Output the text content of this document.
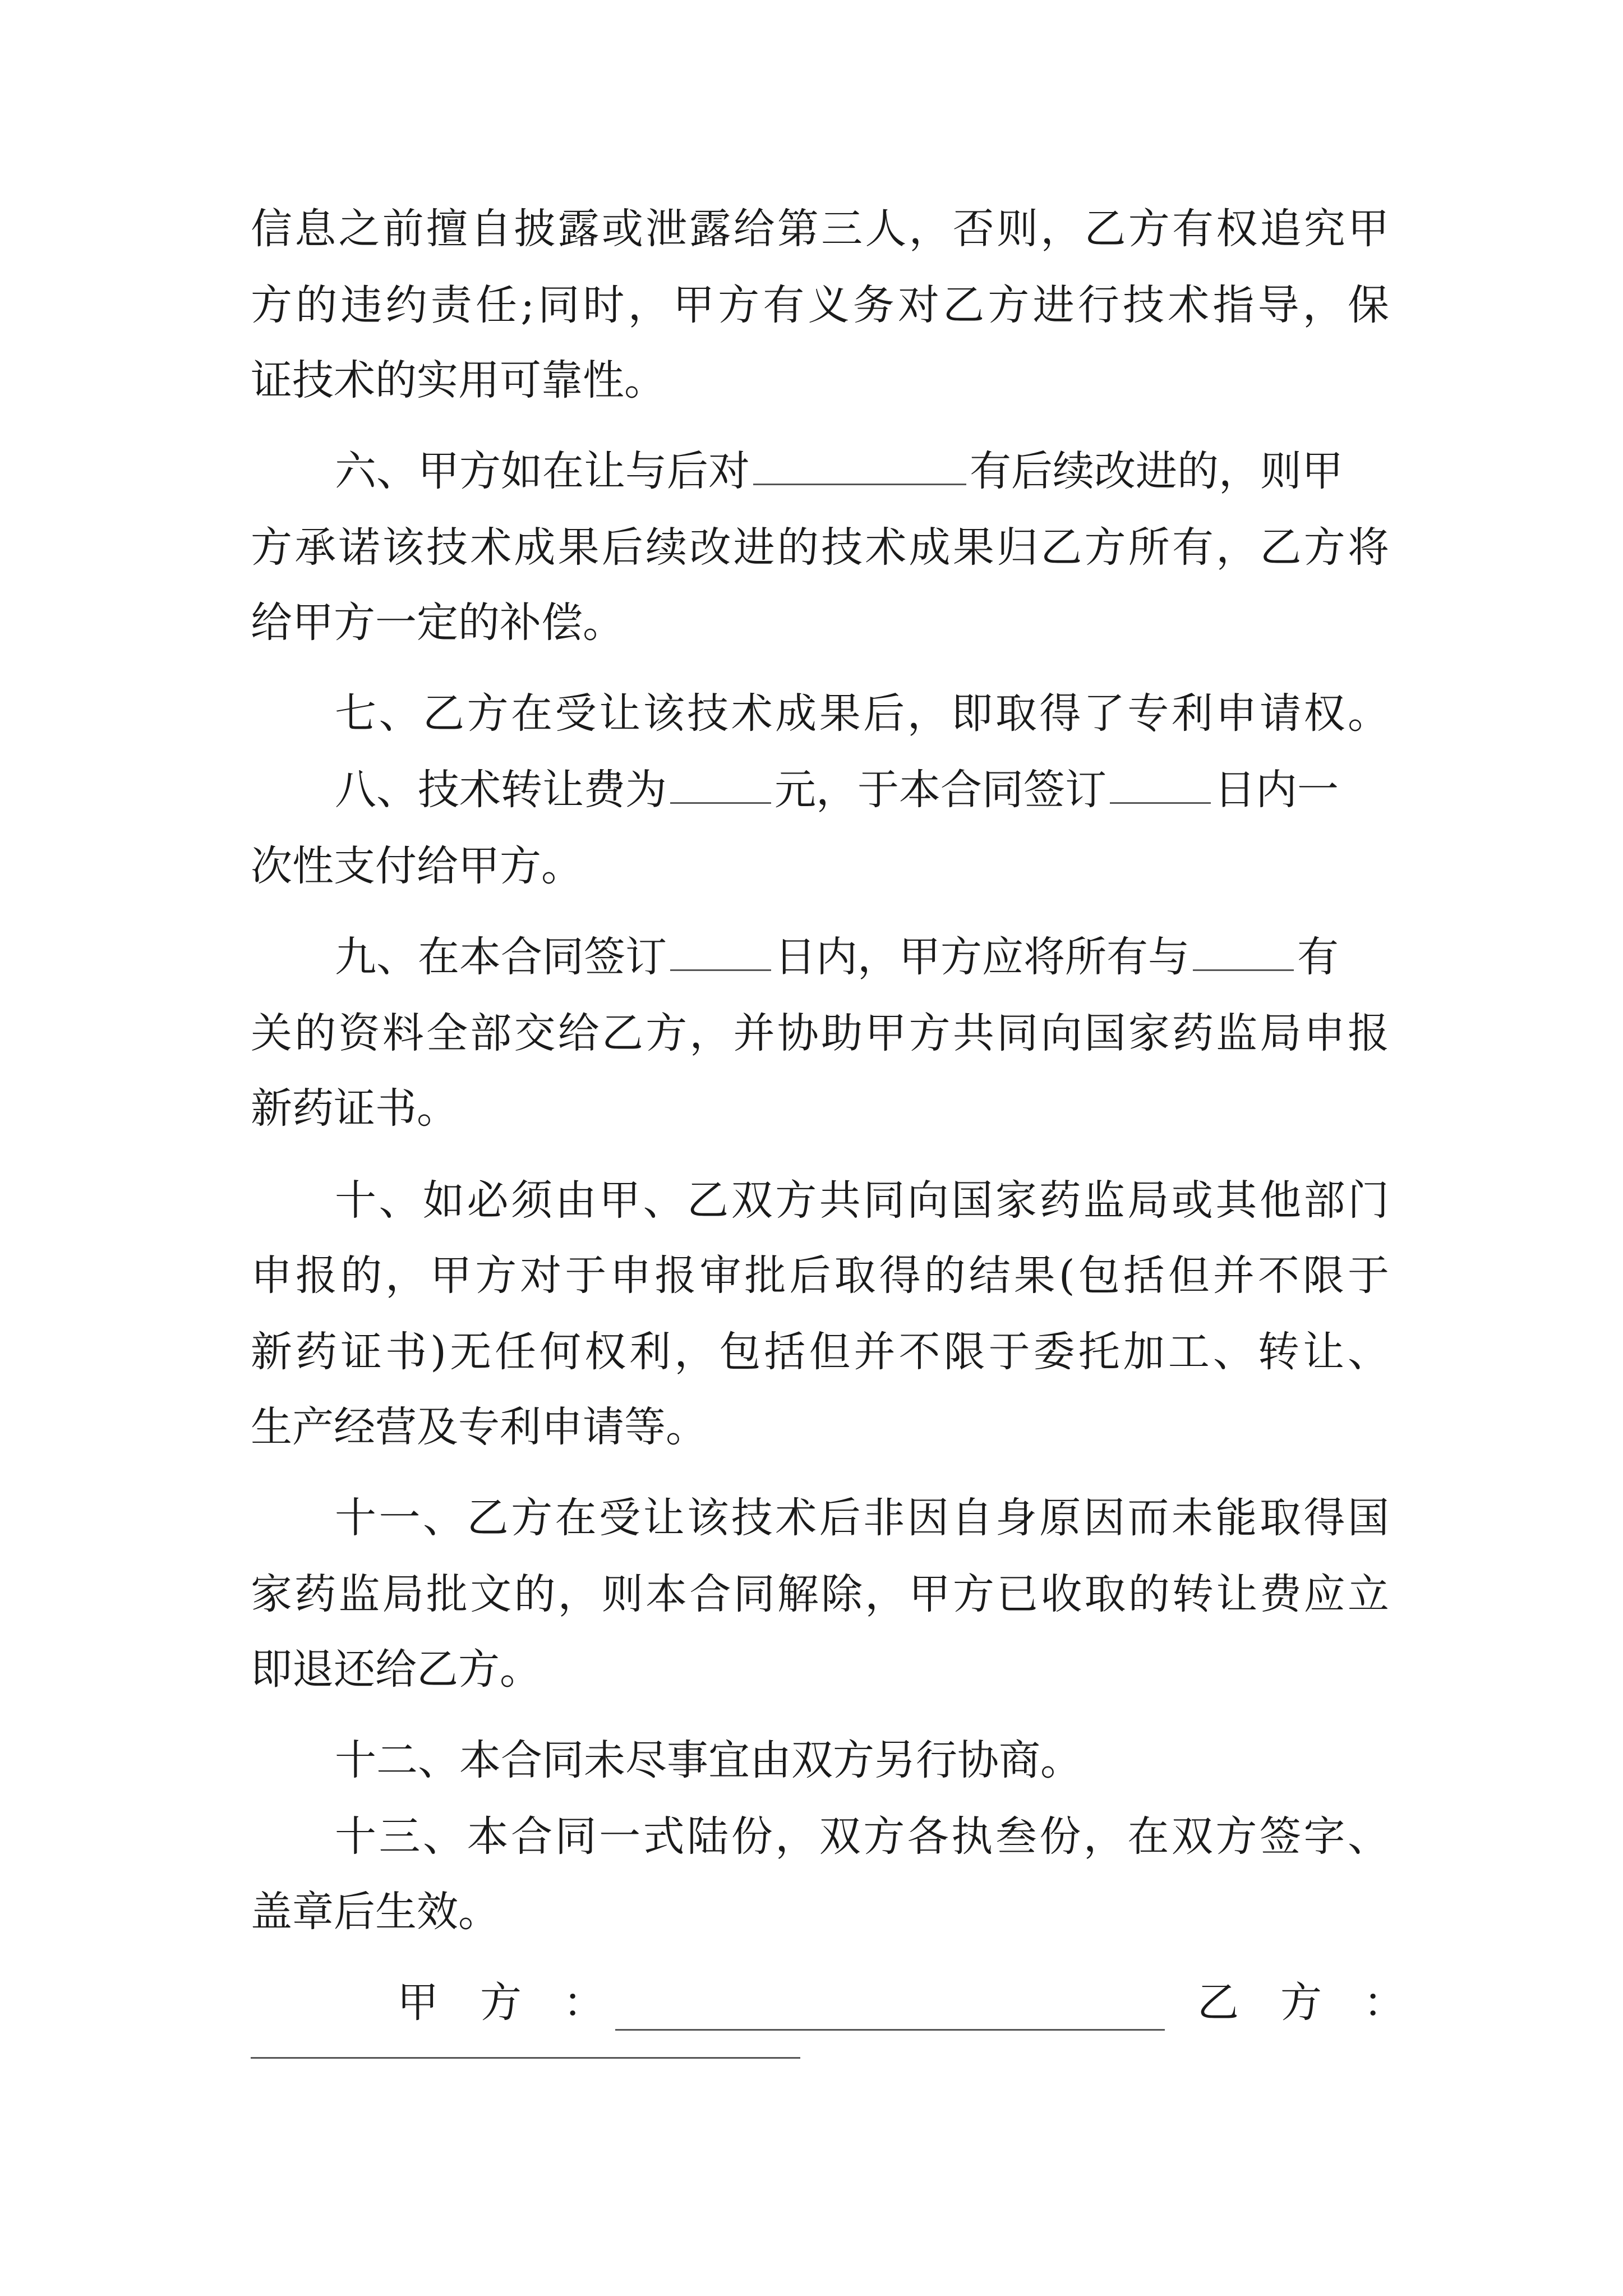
信息之前擅自披露或泄露给第三人，否则，乙方有权追究甲
方的违约责任;同时，甲方有义务对乙方进行技术指导，保
证技术的实用可靠性。
六、甲方如在让与后对	有后续改进的，则甲
方承诺该技术成果后续改进的技术成果归乙方所有，乙方将
给甲方一定的补偿。
七、乙方在受让该技术成果后，即取得了专利申请权。
八、技术转让费为	元，于本合同签订	日内一
次性支付给甲方。
九、在本合同签订	日内，甲方应将所有与	有
关的资料全部交给乙方，并协助甲方共同向国家药监局申报
新药证书。
十、如必须由甲、乙双方共同向国家药监局或其他部门
申报的，甲方对于申报审批后取得的结果(包括但并不限于
新药证书)无任何权利，包括但并不限于委托加工、转让、
生产经营及专利申请等。
十一、乙方在受让该技术后非因自身原因而未能取得国
家药监局批文的，则本合同解除，甲方已收取的转让费应立
即退还给乙方。
十二、本合同未尽事宜由双方另行协商。
十三、本合同一式陆份，双方各执叁份，在双方签字、
盖章后生效。
甲　方　：	乙　方　：
